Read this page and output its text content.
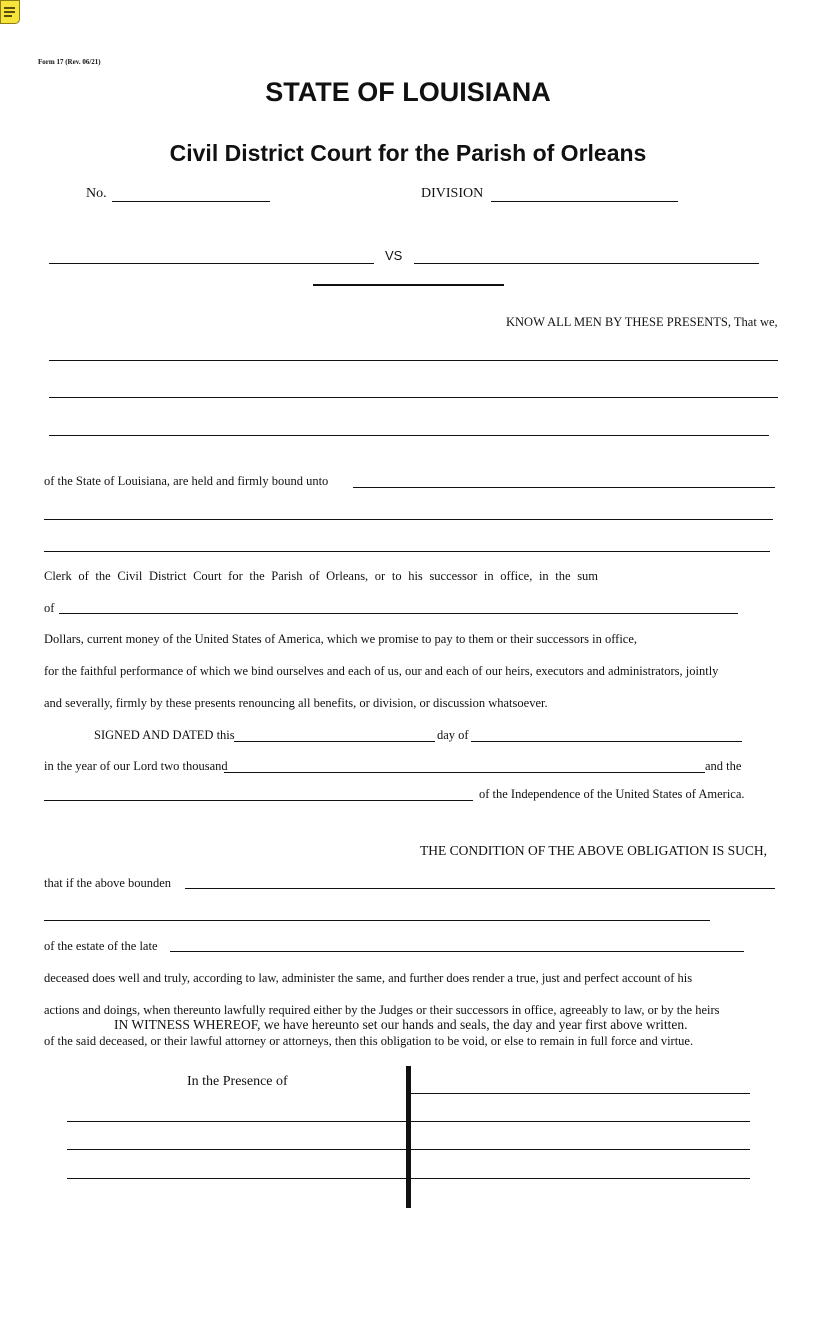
Form 17 (Rev. 06/21)
STATE OF LOUISIANA
Civil District Court for the Parish of Orleans
No.	DIVISION
VS
KNOW ALL MEN BY THESE PRESENTS, That we,
of the State of Louisiana, are held and firmly bound unto
Clerk of the Civil District Court for the Parish of Orleans, or to his successor in office, in the sum
of
Dollars, current money of the United States of America, which we promise to pay to them or their successors in office,
for the faithful performance of which we bind ourselves and each of us, our and each of our heirs, executors and administrators, jointly
and severally, firmly by these presents renouncing all benefits, or division, or discussion whatsoever.
SIGNED AND DATED this	day of
in the year of our Lord two thousand	and the
of the Independence of the United States of America.
THE CONDITION OF THE ABOVE OBLIGATION IS SUCH,
that if the above bounden
of the estate of the late
deceased does well and truly, according to law, administer the same, and further does render a true, just and perfect account of his
actions and doings, when thereunto lawfully required either by the Judges or their successors in office, agreeably to law, or by the heirs
IN WITNESS WHEREOF, we have hereunto set our hands and seals, the day and year first above written.
of the said deceased, or their lawful attorney or attorneys, then this obligation to be void, or else to remain in full force and virtue.
In the Presence of
